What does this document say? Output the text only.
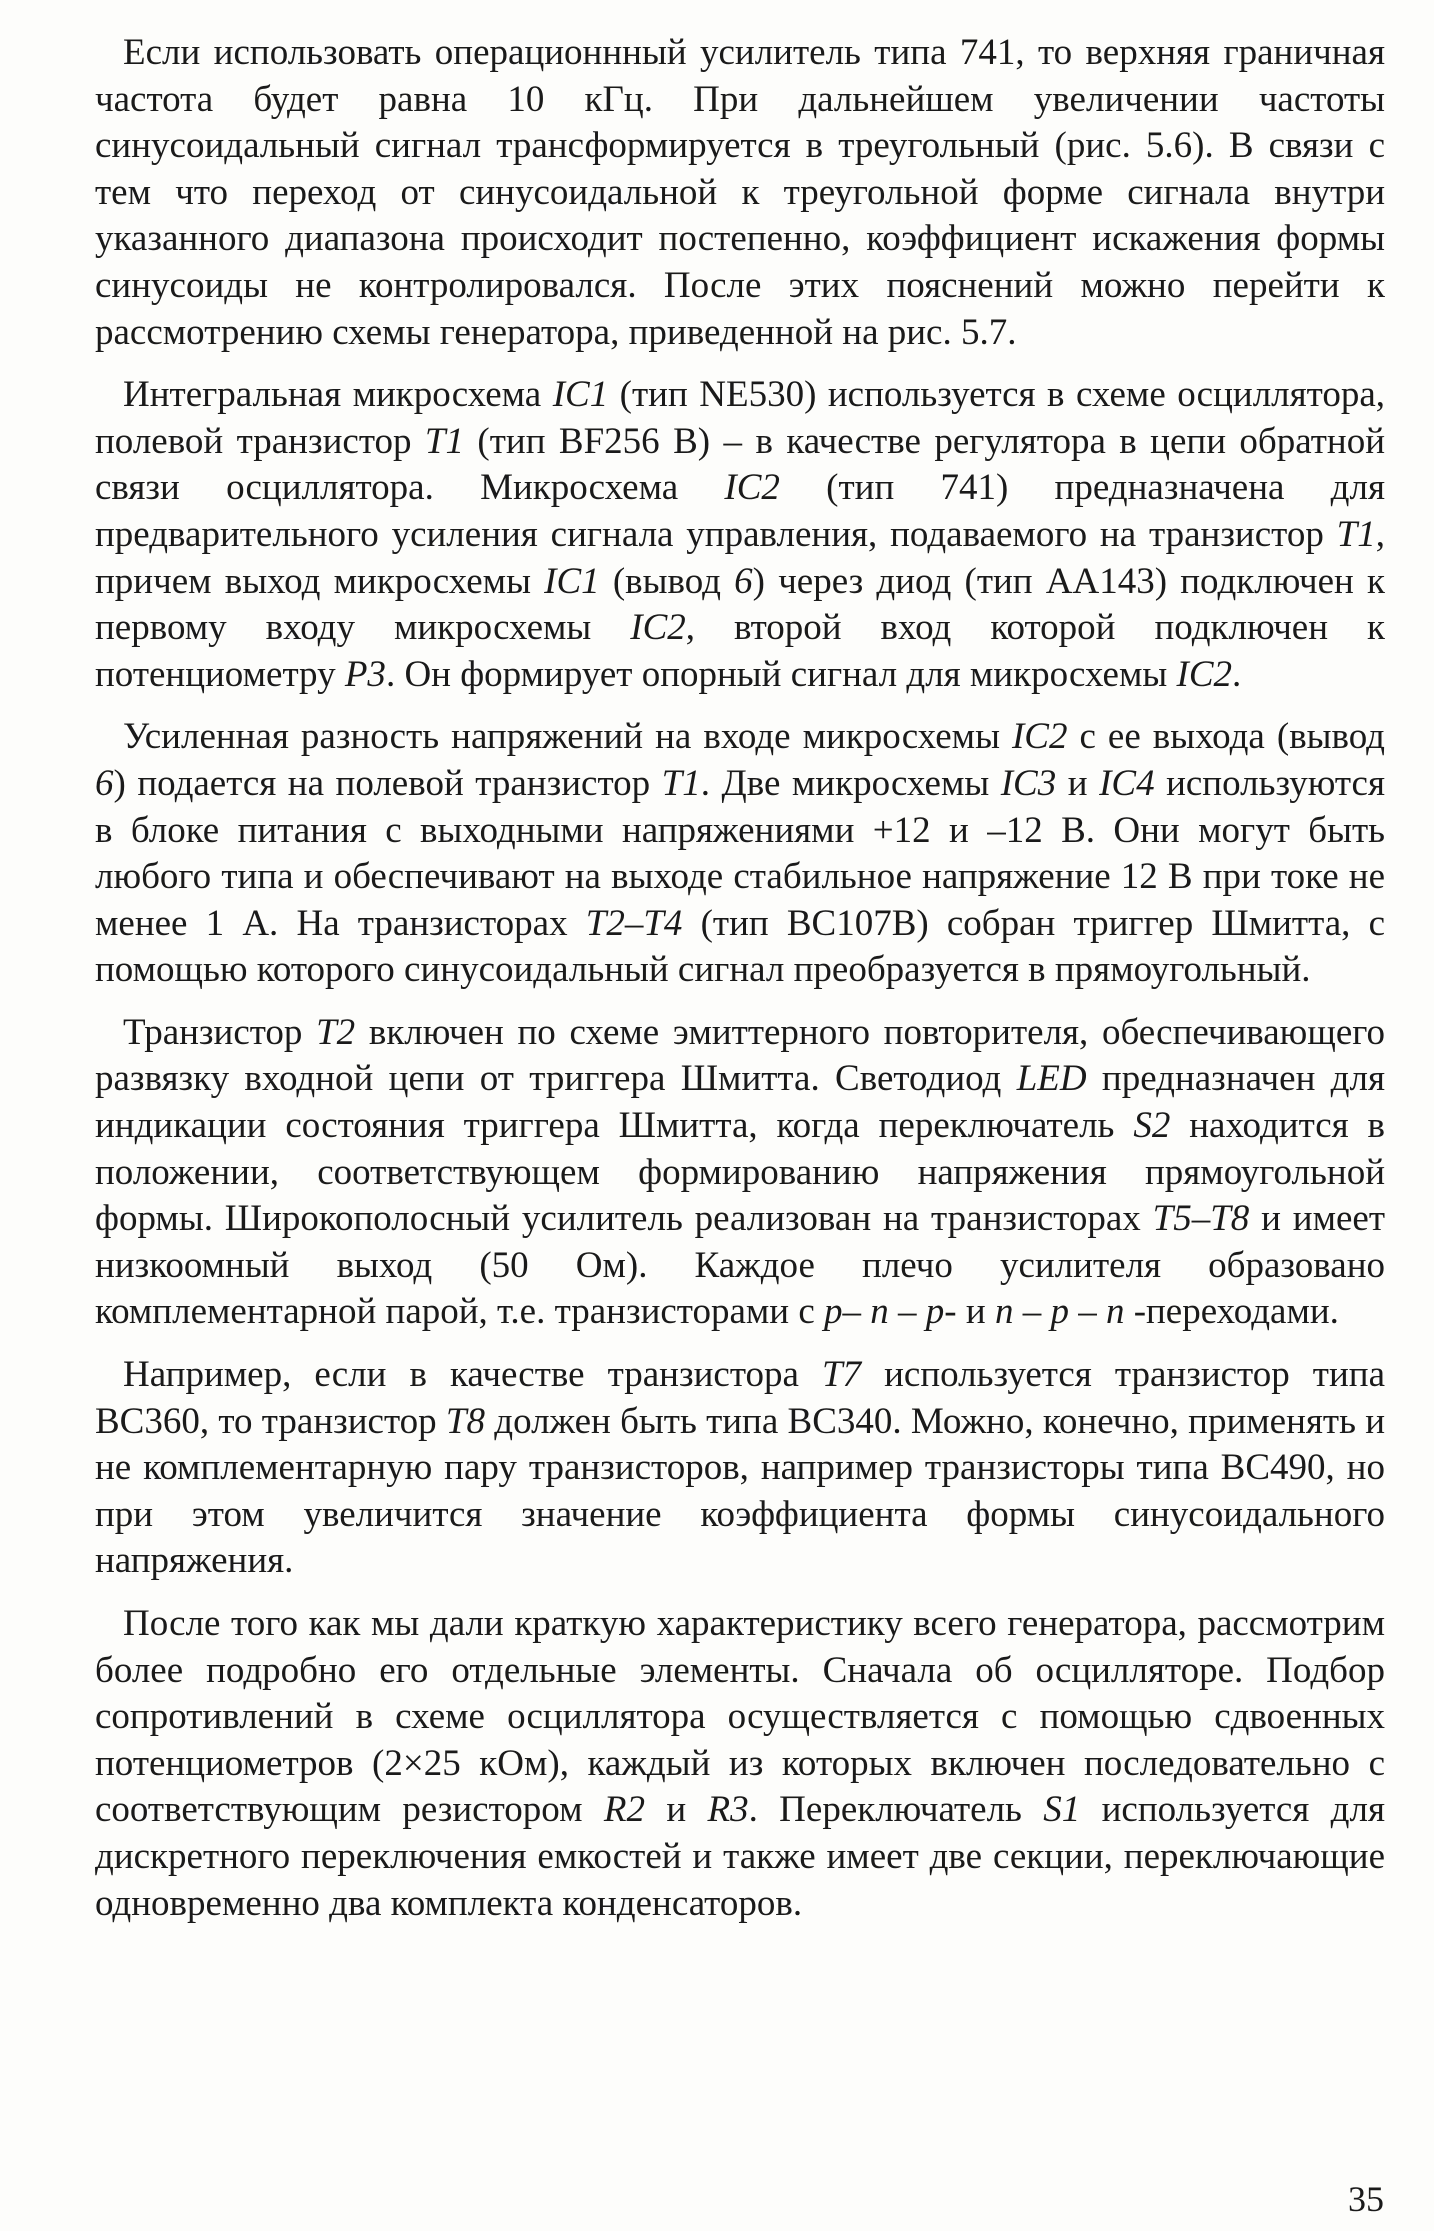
Если использовать операционнный усилитель типа 741, то верхняя граничная частота будет равна 10 кГц. При дальнейшем увеличении частоты синусоидальный сигнал трансформируется в треугольный (рис. 5.6). В связи с тем что переход от синусоидальной к треугольной форме сигнала внутри указанного диапазона происходит постепенно, коэффициент искажения формы синусоиды не контролировался. После этих пояснений можно перейти к рассмотрению схемы генератора, приведенной на рис. 5.7.

Интегральная микросхема IC1 (тип NE530) используется в схеме осциллятора, полевой транзистор T1 (тип BF256 B) – в качестве регулятора в цепи обратной связи осциллятора. Микросхема IC2 (тип 741) предназначена для предварительного усиления сигнала управления, подаваемого на транзистор T1, причем выход микросхемы IC1 (вывод 6) через диод (тип AA143) подключен к первому входу микросхемы IC2, второй вход которой подключен к потенциометру P3. Он формирует опорный сигнал для микросхемы IC2.

Усиленная разность напряжений на входе микросхемы IC2 с ее выхода (вывод 6) подается на полевой транзистор T1. Две микросхемы IC3 и IC4 используются в блоке питания с выходными напряжениями +12 и –12 В. Они могут быть любого типа и обеспечивают на выходе стабильное напряжение 12 В при токе не менее 1 А. На транзисторах T2–T4 (тип BC107B) собран триггер Шмитта, с помощью которого синусоидальный сигнал преобразуется в прямоугольный.

Транзистор T2 включен по схеме эмиттерного повторителя, обеспечивающего развязку входной цепи от триггера Шмитта. Светодиод LED предназначен для индикации состояния триггера Шмитта, когда переключатель S2 находится в положении, соответствующем формированию напряжения прямоугольной формы. Широкополосный усилитель реализован на транзисторах T5–T8 и имеет низкоомный выход (50 Ом). Каждое плечо усилителя образовано комплементарной парой, т.е. транзисторами с p– n – p- и n – p – n -переходами.

Например, если в качестве транзистора T7 используется транзистор типа BC360, то транзистор T8 должен быть типа BC340. Можно, конечно, применять и не комплементарную пару транзисторов, например транзисторы типа BC490, но при этом увеличится значение коэффициента формы синусоидального напряжения.

После того как мы дали краткую характеристику всего генератора, рассмотрим более подробно его отдельные элементы. Сначала об осцилляторе. Подбор сопротивлений в схеме осциллятора осуществляется с помощью сдвоенных потенциометров (2×25 кОм), каждый из которых включен последовательно с соответствующим резистором R2 и R3. Переключатель S1 используется для дискретного переключения емкостей и также имеет две секции, переключающие одновременно два комплекта конденсаторов.

35
